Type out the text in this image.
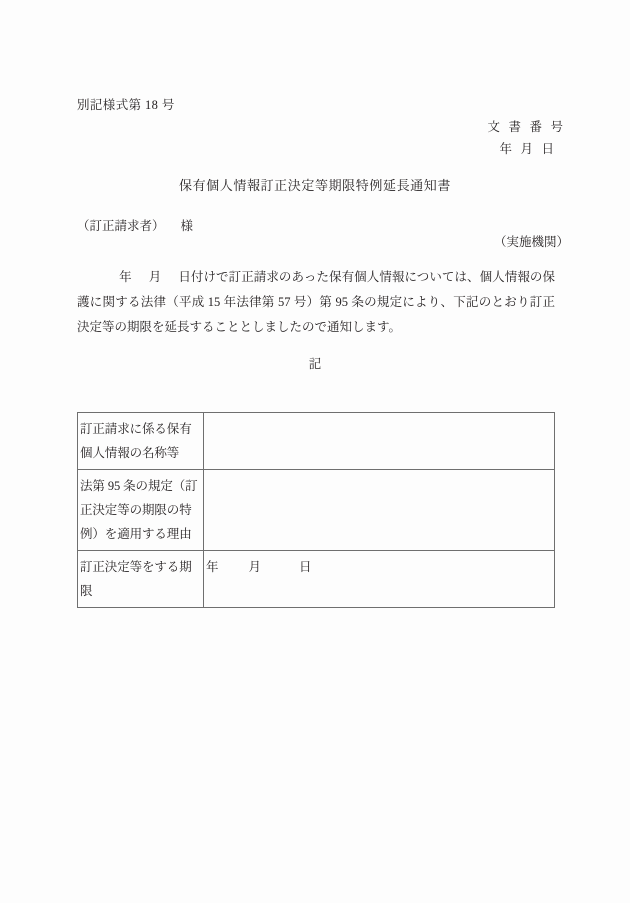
別記様式第 18 号
文書番号
年月日
保有個人情報訂正決定等期限特例延長通知書
（訂正請求者） 様
（実施機関）
年 月 日付けで訂正請求のあった保有個人情報については、個人情報の保護に関する法律（平成 15 年法律第 57 号）第 95 条の規定により、下記のとおり訂正決定等の期限を延長することとしましたので通知します。
記
訂正請求に係る保有個人情報の名称等	
法第 95 条の規定（訂正決定等の期限の特例）を適用する理由	
訂正決定等をする期限	年 月 日
